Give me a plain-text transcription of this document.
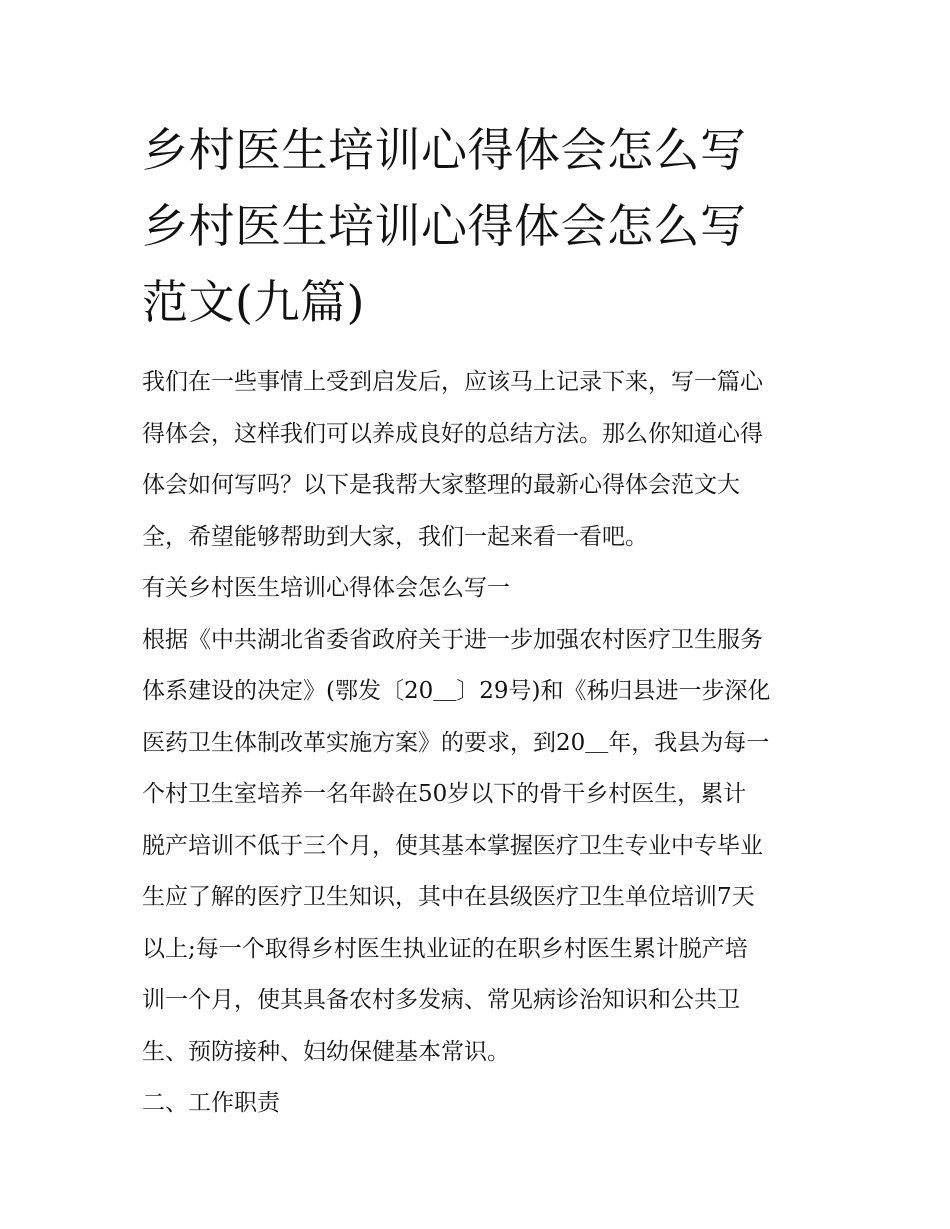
乡村医生培训心得体会怎么写
乡村医生培训心得体会怎么写
范文(九篇)

我们在一些事情上受到启发后，应该马上记录下来，写一篇心
得体会，这样我们可以养成良好的总结方法。那么你知道心得
体会如何写吗？以下是我帮大家整理的最新心得体会范文大
全，希望能够帮助到大家，我们一起来看一看吧。

有关乡村医生培训心得体会怎么写一

根据《中共湖北省委省政府关于进一步加强农村医疗卫生服务
体系建设的决定》(鄂发〔20＿〕29号)和《秭归县进一步深化
医药卫生体制改革实施方案》的要求，到20＿年，我县为每一
个村卫生室培养一名年龄在50岁以下的骨干乡村医生，累计
脱产培训不低于三个月，使其基本掌握医疗卫生专业中专毕业
生应了解的医疗卫生知识，其中在县级医疗卫生单位培训7天
以上;每一个取得乡村医生执业证的在职乡村医生累计脱产培
训一个月，使其具备农村多发病、常见病诊治知识和公共卫
生、预防接种、妇幼保健基本常识。

二、工作职责
